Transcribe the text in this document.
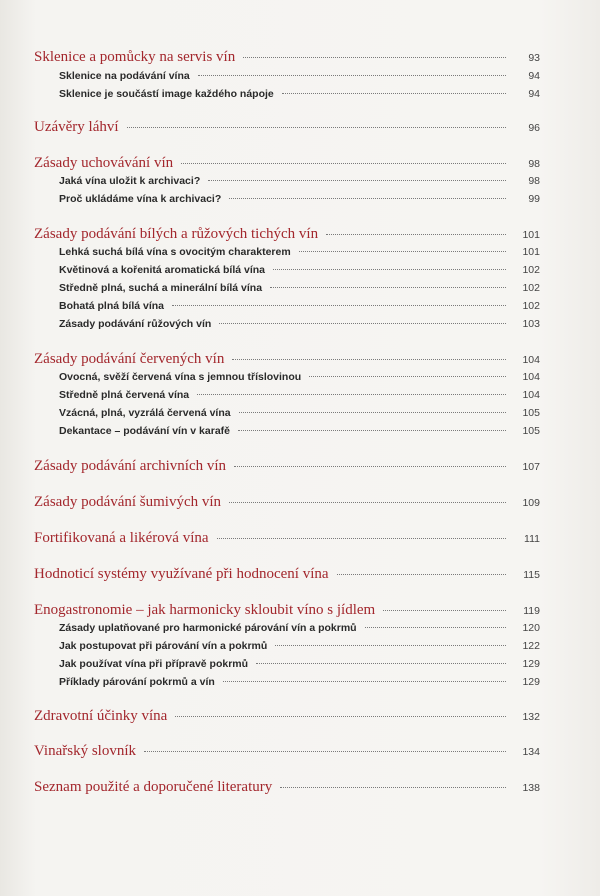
Sklenice a pomůcky na servis vín	93
Sklenice na podávání vína	94
Sklenice je součástí image každého nápoje	94
Uzávěry láhví	96
Zásady uchovávání vín	98
Jaká vína uložit k archivaci?	98
Proč ukládáme vína k archivaci?	99
Zásady podávání bílých a růžových tichých vín	101
Lehká suchá bílá vína s ovocitým charakterem	101
Květinová a kořenitá aromatická bílá vína	102
Středně plná, suchá a minerální bílá vína	102
Bohatá plná bílá vína	102
Zásady podávání růžových vín	103
Zásady podávání červených vín	104
Ovocná, svěží červená vína s jemnou tříslovinou	104
Středně plná červená vína	104
Vzácná, plná, vyzrálá červená vína	105
Dekantace – podávání vín v karafě	105
Zásady podávání archivních vín	107
Zásady podávání šumivých vín	109
Fortifikovaná a likérová vína	111
Hodnoticí systémy využívané při hodnocení vína	115
Enogastronomie – jak harmonicky skloubit víno s jídlem	119
Zásady uplatňované pro harmonické párování vín a pokrmů	120
Jak postupovat při párování vín a pokrmů	122
Jak používat vína při přípravě pokrmů	129
Příklady párování pokrmů a vín	129
Zdravotní účinky vína	132
Vinařský slovník	134
Seznam použité a doporučené literatury	138
